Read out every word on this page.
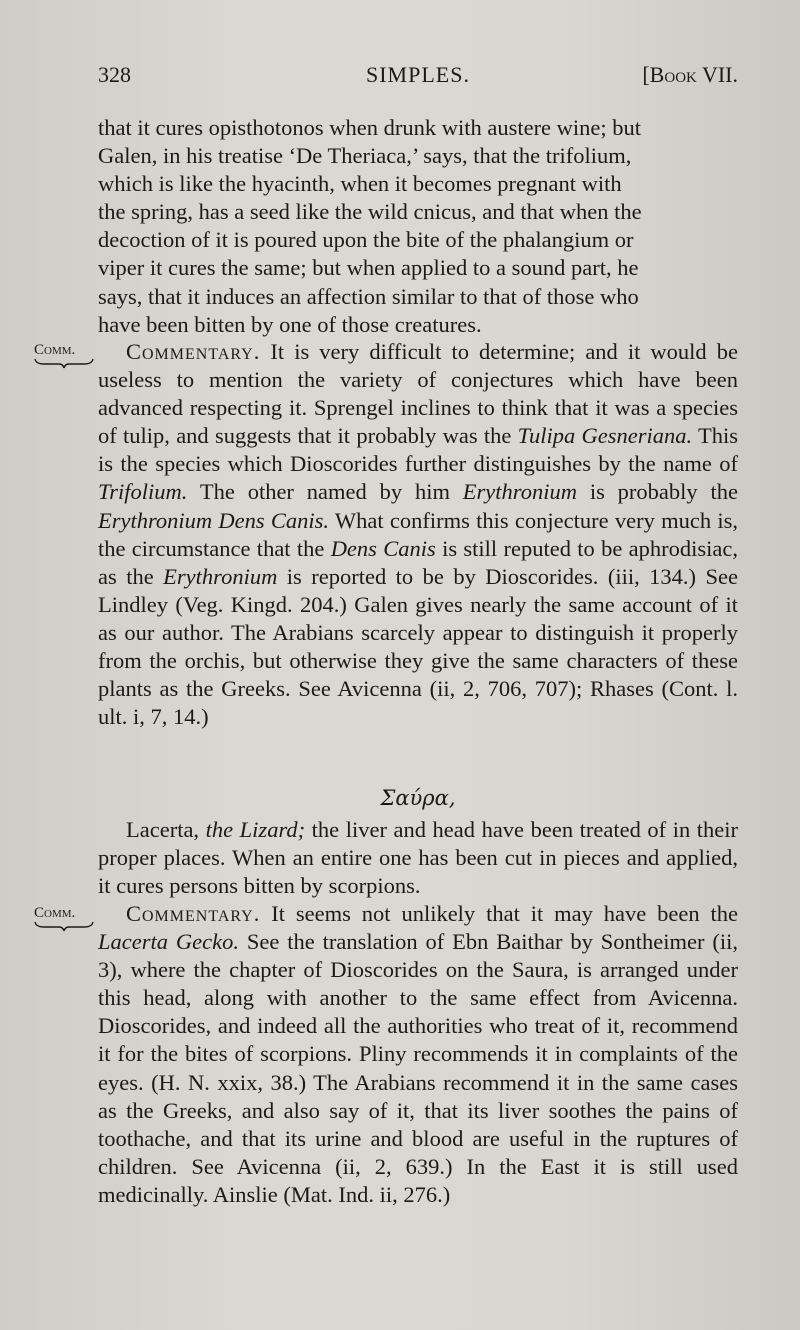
328	SIMPLES.	[Book VII.

that it cures opisthotonos when drunk with austere wine; but

Galen, in his treatise ‘De Theriaca,’ says, that the trifolium,

which is like the hyacinth, when it becomes pregnant with

the spring, has a seed like the wild cnicus, and that when the

decoction of it is poured upon the bite of the phalangium or

viper it cures the same; but when applied to a sound part, he

says, that it induces an affection similar to that of those who

have been bitten by one of those creatures.

Comm.	Commentary. It is very difficult to determine; and it would be useless to mention the variety of conjectures which have been advanced respecting it. Sprengel inclines to think that it was a species of tulip, and suggests that it probably was the Tulipa Gesneriana. This is the species which Dioscorides further distinguishes by the name of Trifolium. The other named by him Erythronium is probably the Erythronium Dens Canis. What confirms this conjecture very much is, the circumstance that the Dens Canis is still reputed to be aphrodisiac, as the Erythronium is reported to be by Dioscorides. (iii, 134.) See Lindley (Veg. Kingd. 204.) Galen gives nearly the same account of it as our author. The Arabians scarcely appear to distinguish it properly from the orchis, but otherwise they give the same characters of these plants as the Greeks. See Avicenna (ii, 2, 706, 707); Rhases (Cont. l. ult. i, 7, 14.)

Σαύρα,

Lacerta, the Lizard; the liver and head have been treated of in their proper places. When an entire one has been cut in pieces and applied, it cures persons bitten by scorpions.

Comm.	Commentary. It seems not unlikely that it may have been the Lacerta Gecko. See the translation of Ebn Baithar by Sontheimer (ii, 3), where the chapter of Dioscorides on the Saura, is arranged under this head, along with another to the same effect from Avicenna. Dioscorides, and indeed all the authorities who treat of it, recommend it for the bites of scorpions. Pliny recommends it in complaints of the eyes. (H. N. xxix, 38.) The Arabians recommend it in the same cases as the Greeks, and also say of it, that its liver soothes the pains of toothache, and that its urine and blood are useful in the ruptures of children. See Avicenna (ii, 2, 639.) In the East it is still used medicinally. Ainslie (Mat. Ind. ii, 276.)
